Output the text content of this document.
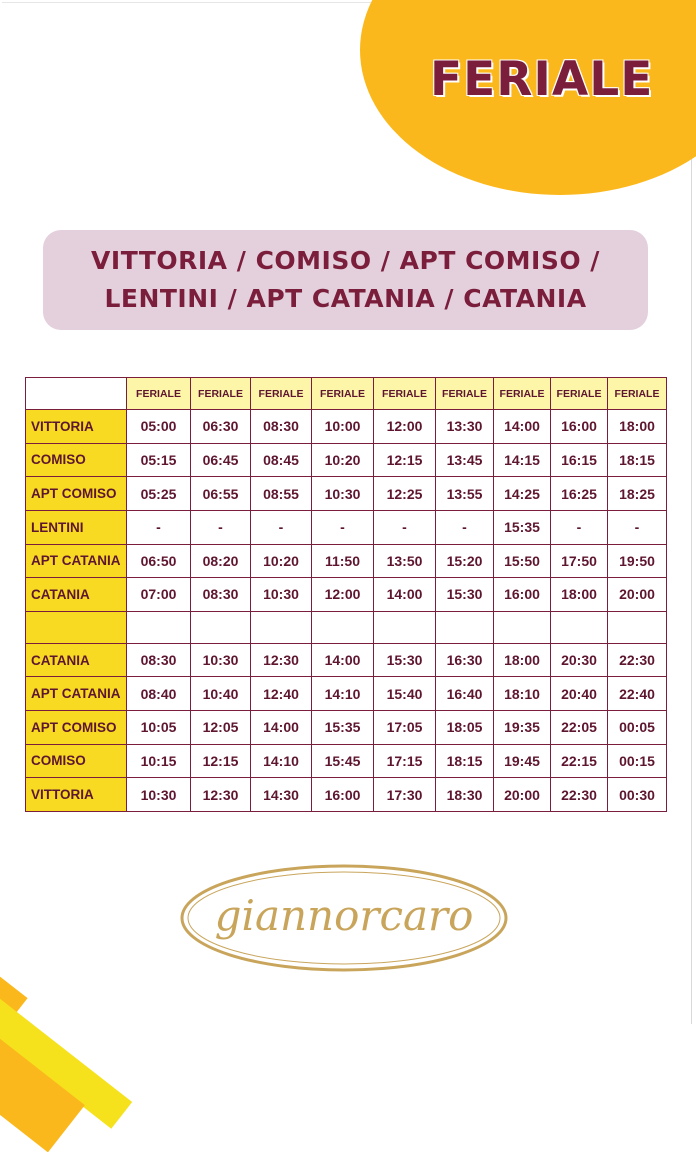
FERIALE
VITTORIA / COMISO / APT COMISO /
LENTINI / APT CATANIA / CATANIA
	FERIALE	FERIALE	FERIALE	FERIALE	FERIALE	FERIALE	FERIALE	FERIALE	FERIALE
VITTORIA	05:00	06:30	08:30	10:00	12:00	13:30	14:00	16:00	18:00
COMISO	05:15	06:45	08:45	10:20	12:15	13:45	14:15	16:15	18:15
APT COMISO	05:25	06:55	08:55	10:30	12:25	13:55	14:25	16:25	18:25
LENTINI	-	-	-	-	-	-	15:35	-	-
APT CATANIA	06:50	08:20	10:20	11:50	13:50	15:20	15:50	17:50	19:50
CATANIA	07:00	08:30	10:30	12:00	14:00	15:30	16:00	18:00	20:00

CATANIA	08:30	10:30	12:30	14:00	15:30	16:30	18:00	20:30	22:30
APT CATANIA	08:40	10:40	12:40	14:10	15:40	16:40	18:10	20:40	22:40
APT COMISO	10:05	12:05	14:00	15:35	17:05	18:05	19:35	22:05	00:05
COMISO	10:15	12:15	14:10	15:45	17:15	18:15	19:45	22:15	00:15
VITTORIA	10:30	12:30	14:30	16:00	17:30	18:30	20:00	22:30	00:30
giannorcaro
